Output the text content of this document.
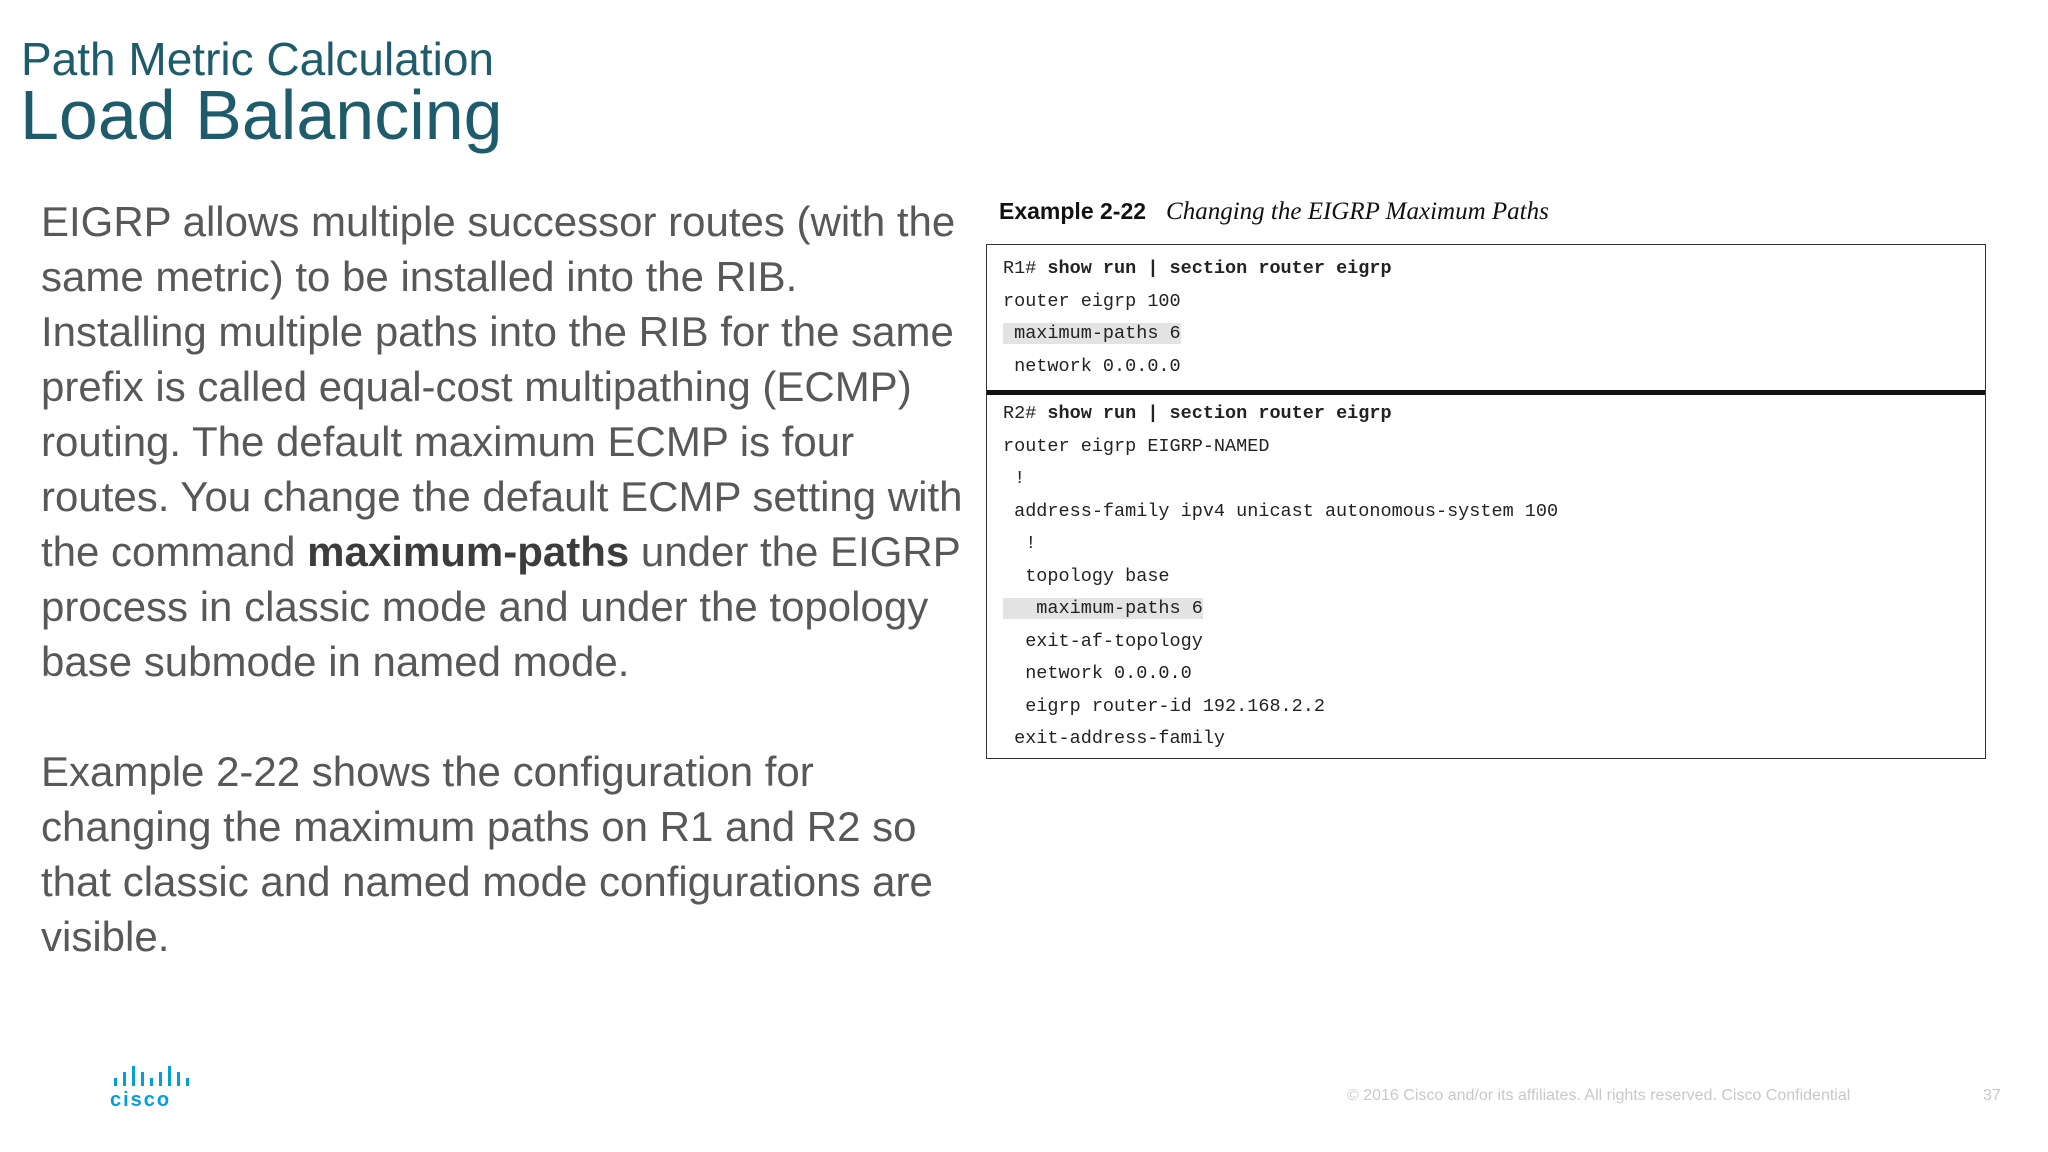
Path Metric Calculation
Load Balancing

EIGRP allows multiple successor routes (with the same metric) to be installed into the RIB. Installing multiple paths into the RIB for the same prefix is called equal-cost multipathing (ECMP) routing. The default maximum ECMP is four routes. You change the default ECMP setting with the command maximum-paths under the EIGRP process in classic mode and under the topology base submode in named mode.

Example 2-22 shows the configuration for changing the maximum paths on R1 and R2 so that classic and named mode configurations are visible.

Example 2-22 Changing the EIGRP Maximum Paths
R1# show run | section router eigrp
router eigrp 100
maximum-paths 6
network 0.0.0.0
R2# show run | section router eigrp
router eigrp EIGRP-NAMED
!
address-family ipv4 unicast autonomous-system 100
!
topology base
maximum-paths 6
exit-af-topology
network 0.0.0.0
eigrp router-id 192.168.2.2
exit-address-family
cisco	© 2016 Cisco and/or its affiliates. All rights reserved. Cisco Confidential	37
